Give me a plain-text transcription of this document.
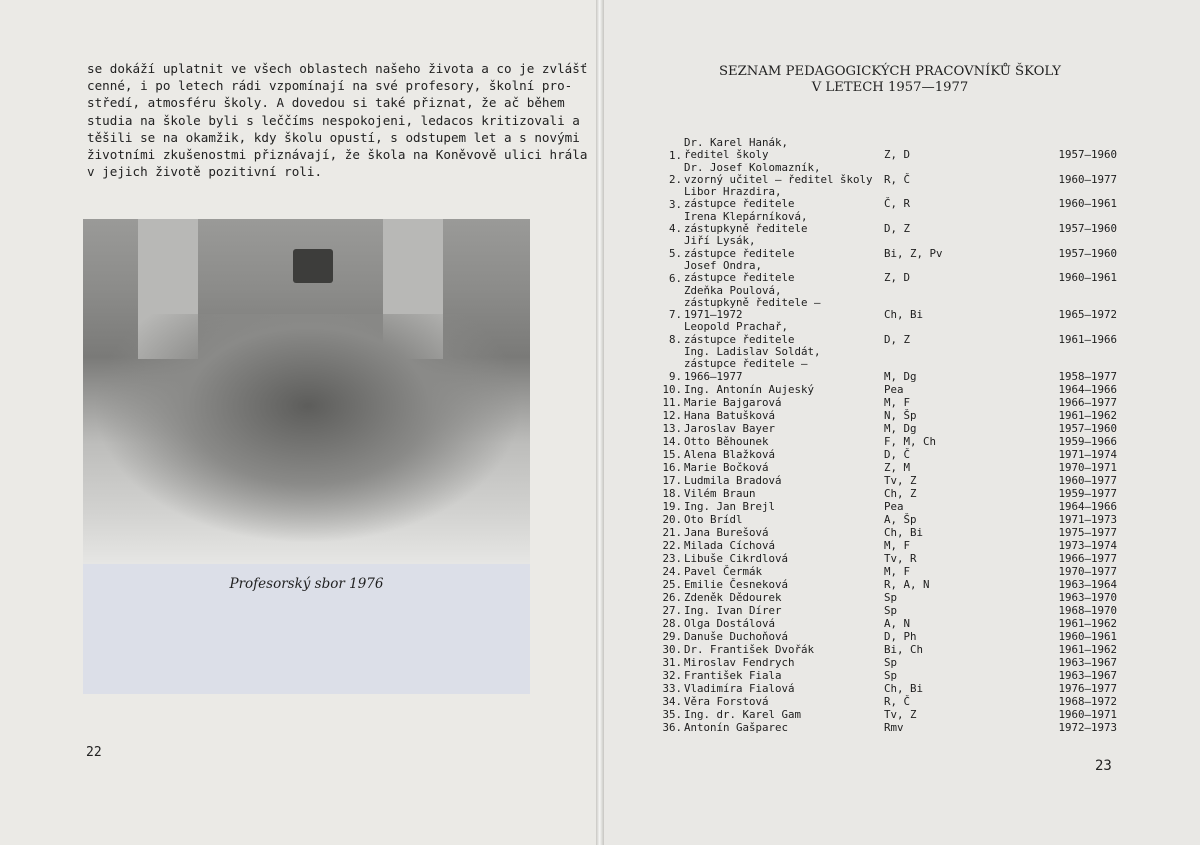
se dokáží uplatnit ve všech oblastech našeho života a co je zvlášť
cenné, i po letech rádi vzpomínají na své profesory, školní pro-
středí, atmosféru školy. A dovedou si také přiznat, že ač během
studia na škole byli s leččíms nespokojeni, ledacos kritizovali a
těšili se na okamžik, kdy školu opustí, s odstupem let a s novými
životními zkušenostmi přiznávají, že škola na Koněvově ulici hrála
v jejich životě pozitivní roli.
Profesorský sbor 1976
22
SEZNAM PEDAGOGICKÝCH PRACOVNÍKŮ ŠKOLY
V LETECH 1957—1977
1.
Dr. Karel Hanák,
ředitel školy	Z, D	1957—1960
2.
Dr. Josef Kolomazník,
vzorný učitel — ředitel školy	R, Č	1960—1977
3.
Libor Hrazdira,
zástupce ředitele	Č, R	1960—1961
4.
Irena Klepárníková,
zástupkyně ředitele	D, Z	1957—1960
5.
Jiří Lysák,
zástupce ředitele	Bi, Z, Pv	1957—1960
6.
Josef Ondra,
zástupce ředitele	Z, D	1960—1961
7.
Zdeňka Poulová,
zástupkyně ředitele —
1971—1972	Ch, Bi	1965—1972
8.
Leopold Prachař,
zástupce ředitele	D, Z	1961—1966
9.
Ing. Ladislav Soldát,
zástupce ředitele —
1966—1977	M, Dg	1958—1977
10. Ing. Antonín Aujeský	Pea	1964—1966
11. Marie Bajgarová	M, F	1966—1977
12. Hana Batušková	N, Šp	1961—1962
13. Jaroslav Bayer	M, Dg	1957—1960
14. Otto Běhounek	F, M, Ch	1959—1966
15. Alena Blažková	D, Č	1971—1974
16. Marie Bočková	Z, M	1970—1971
17. Ludmila Bradová	Tv, Z	1960—1977
18. Vilém Braun	Ch, Z	1959—1977
19. Ing. Jan Brejl	Pea	1964—1966
20. Oto Brídl	A, Šp	1971—1973
21. Jana Burešová	Ch, Bi	1975—1977
22. Milada Cíchová	M, F	1973—1974
23. Libuše Cikrdlová	Tv, R	1966—1977
24. Pavel Čermák	M, F	1970—1977
25. Emilie Česneková	R, A, N	1963—1964
26. Zdeněk Dědourek	Sp	1963—1970
27. Ing. Ivan Dírer	Sp	1968—1970
28. Olga Dostálová	A, N	1961—1962
29. Danuše Duchoňová	D, Ph	1960—1961
30. Dr. František Dvořák	Bi, Ch	1961—1962
31. Miroslav Fendrych	Sp	1963—1967
32. František Fiala	Sp	1963—1967
33. Vladimíra Fialová	Ch, Bi	1976—1977
34. Věra Forstová	R, Č	1968—1972
35. Ing. dr. Karel Gam	Tv, Z	1960—1971
36. Antonín Gašparec	Rmv	1972—1973
23
